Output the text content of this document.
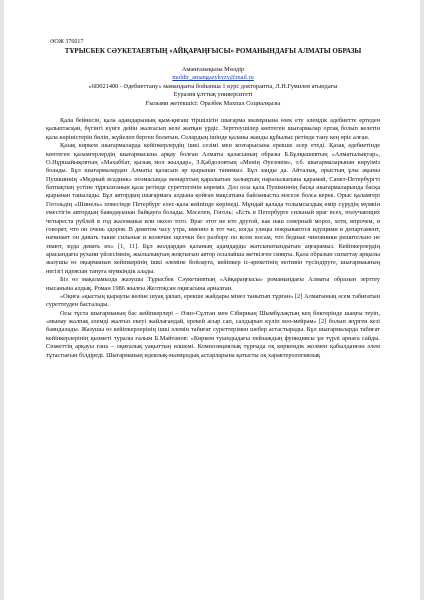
ӘОЖ 376017
ТҰРЫСБЕК СӘУКЕТАЕВТЫҢ «АЙҚАРАҢҒЫСЫ» РОМАНЫНДАҒЫ АЛМАТЫ ОБРАЗЫ
Аманғазықызы Мөлдір
moldir_amangazykyzy@mail.ru
«6D021400 - Әдебиеттану» мамандығы бойынша 1 курс докторанты, Л.Н.Гумилев атындағы
Еуразия ұлттық университеті
Ғылыми жетекшісі: Оразбек Махпал Социалқызы

Қала бейнесін, қала адамдарының қым-қиғаш тіршілігін шығарма мазмұнына өзек ету әлемдік әдебиетте ертеден қалыптасқан, бүгінгі күнге дейін жалғасып келе жатқан үрдіс. Зерттеушілер көптеген шығармалар ортақ болып келетін қала көріністерін бөліп, жүйелеп берген болатын. Солардың ішінде қаланы жанды құбылыс ретінде тану кең өріс алған.

Қазақ көркем шығармаларда кейіпкерлердің ішкі сезімі мен козғарысына ерекше әсер етеді. Қазақ әдебиетінде көптеген қаламгерлердің шығармасына арқау болған Алматы қаласының образы Б.Бұлқышевтың «Алматылықтар», О.Нұршайықовтың «Махаббат, қызық мол жылдар», З.Қабдоловтың «Менің Әуезовім», т.б. шығармаларынан көруіміз болады. Бұл шығармалардан Алматы қаласын әр қырынан танимыз. Бұл заңды да. Айталық, орыстың ұлы ақыны Пушкиннің «Медный всадник» поэмасында монархтың қаралығын халықтың наразылығына қарамай, Санкт-Петербургті батпақтың үстіне тұрғызғанын қала ретінде суреттегенін көреміз. Дәл осы қала Пушкиннің басқа шығармаларында басқа қырынан танылады. Бұл автордың шығармаға алдына қойған мақсатына байланысты мәселе болса керек. Орыс қаламгері Гогольдің «Шинель» повесінде Петербург елес-қала кейпінде көрінеді. Мұндай қалада толымсыздық өмір сүрудің мүмкін еместігін автордың баяндауынан байқауға болады. Мәселен, Гоголь: «Есть в Петербурге сильный враг всех, получающих четыреста рублей в год жалованья или около того. Враг этот не кто другой, как наш северный мороз, хотя, впрочем, и говорят, что он очень здоров. В девятом часу утра, именно в тот час, когда улицы покрываются идущими в департамент, начинает он давать такие сильные и колючие щелчки без разбору по всем носам, что бедные чиновники решительно не знают, куда девать их» [1, 11]. Бұл жолдардан қаланың адамдарды жатсынатындығын аңғарамыз. Кейіпкерлердің арасындағы рухани үйлесімнің, жылылықтың жоқтығын автор осылайша жеткізген сияқты. Қала образын сипаттау арқылы жазушы өз оқырманын кейіпкерінің ішкі әлеміне бойлауға, кейіпкер іс-әрекетінің мотивін түсіндіруге, шығармаының негізгі идеясын тануға мүмкіндік алады.

Біз өз мақаламызда жазушы Тұрысбек Сәукетаевтың «Айқараңғысы» романындағы Алматы образын зерттеу нысанына алдық. Роман 1986 жылғы Желтоқсан оқиғасына арналған.

«Оқиға «қыстың қыраулы көзіне шуақ ұялап, ерекше жайдары мінез танытып тұрған» [2] Алматының әсем табиғатын суреттеуден басталады.

Осы тұста шығарманың бас кейіпкерлері – Әзиз-Сұлтан мен Сібирның Шымбұлақтың кең бөктерінде шаңғы теуіп, «мынау жалпақ әлемді жалғыз екеуі жайлағандай, ерекей асыр сап, салдырып күліп мәз-мейрам» [2] болып жүрген кезі баяндалады. Жазушы өз кейіпкерлерінің ішкі әлемін табиғат суреттерімен шебер астастырады. Бұл шығармаларда табиғат кейіпкерлерінің қызметі туралы ғалым Б.Майтанов: «Көркем туындыдағы пейзаждың функциясы ұн түрлі арнаға сайды. Сюжеттің арқауы ғана – оқиғалық уақыттың өлшемі. Композициялық тұрғыда оқ көркемдік жолмен қабылданған әлем тұтастығын білдіреді. Шығарманың идеялық-мазмұндық астарларына қатысты оқ характерологиялық
